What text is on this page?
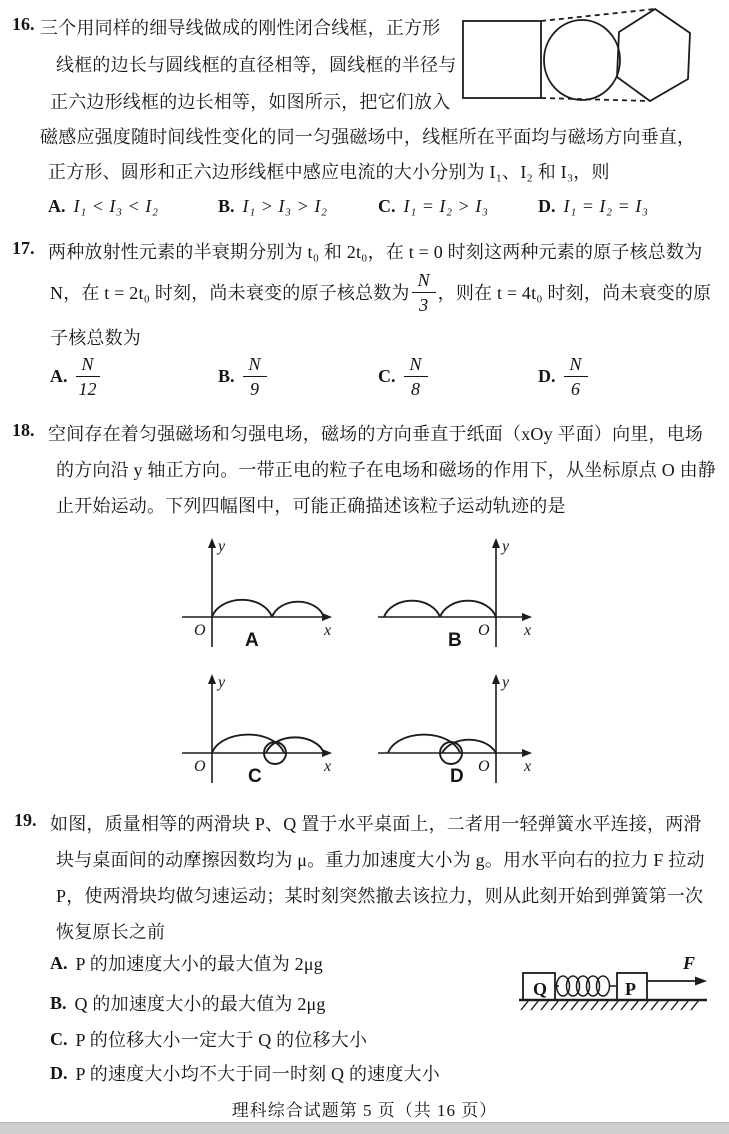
16. 三个用同样的细导线做成的刚性闭合线框，正方形
线框的边长与圆线框的直径相等，圆线框的半径与
正六边形线框的边长相等，如图所示，把它们放入
磁感应强度随时间线性变化的同一匀强磁场中，线框所在平面均与磁场方向垂直，
正方形、圆形和正六边形线框中感应电流的大小分别为 I₁、I₂ 和 I₃，则
A. I₁ < I₃ < I₂	B. I₁ > I₃ > I₂	C. I₁ = I₂ > I₃	D. I₁ = I₂ = I₃
17. 两种放射性元素的半衰期分别为 t₀ 和 2t₀，在 t = 0 时刻这两种元素的原子核总数为
N，在 t = 2t₀ 时刻，尚未衰变的原子核总数为 $\frac{N}{3}$ ，则在 t = 4t₀ 时刻，尚未衰变的原
子核总数为
A. $\frac{N}{12}$	B. $\frac{N}{9}$	C. $\frac{N}{8}$	D. $\frac{N}{6}$
18. 空间存在着匀强磁场和匀强电场，磁场的方向垂直于纸面（xOy 平面）向里，电场
的方向沿 y 轴正方向。一带正电的粒子在电场和磁场的作用下，从坐标原点 O 由静
止开始运动。下列四幅图中，可能正确描述该粒子运动轨迹的是
y
x
O A
y
x
O
B
y
x
O C
y
x
O
D
19. 如图，质量相等的两滑块 P、Q 置于水平桌面上，二者用一轻弹簧水平连接，两滑
块与桌面间的动摩擦因数均为 μ。重力加速度大小为 g。用水平向右的拉力 F 拉动
P，使两滑块均做匀速运动；某时刻突然撤去该拉力，则从此刻开始到弹簧第一次
恢复原长之前
A. P 的加速度大小的最大值为 2μg
B. Q 的加速度大小的最大值为 2μg
C. P 的位移大小一定大于 Q 的位移大小
D. P 的速度大小均不大于同一时刻 Q 的速度大小
Q	P
F
理科综合试题第 5 页（共 16 页）
